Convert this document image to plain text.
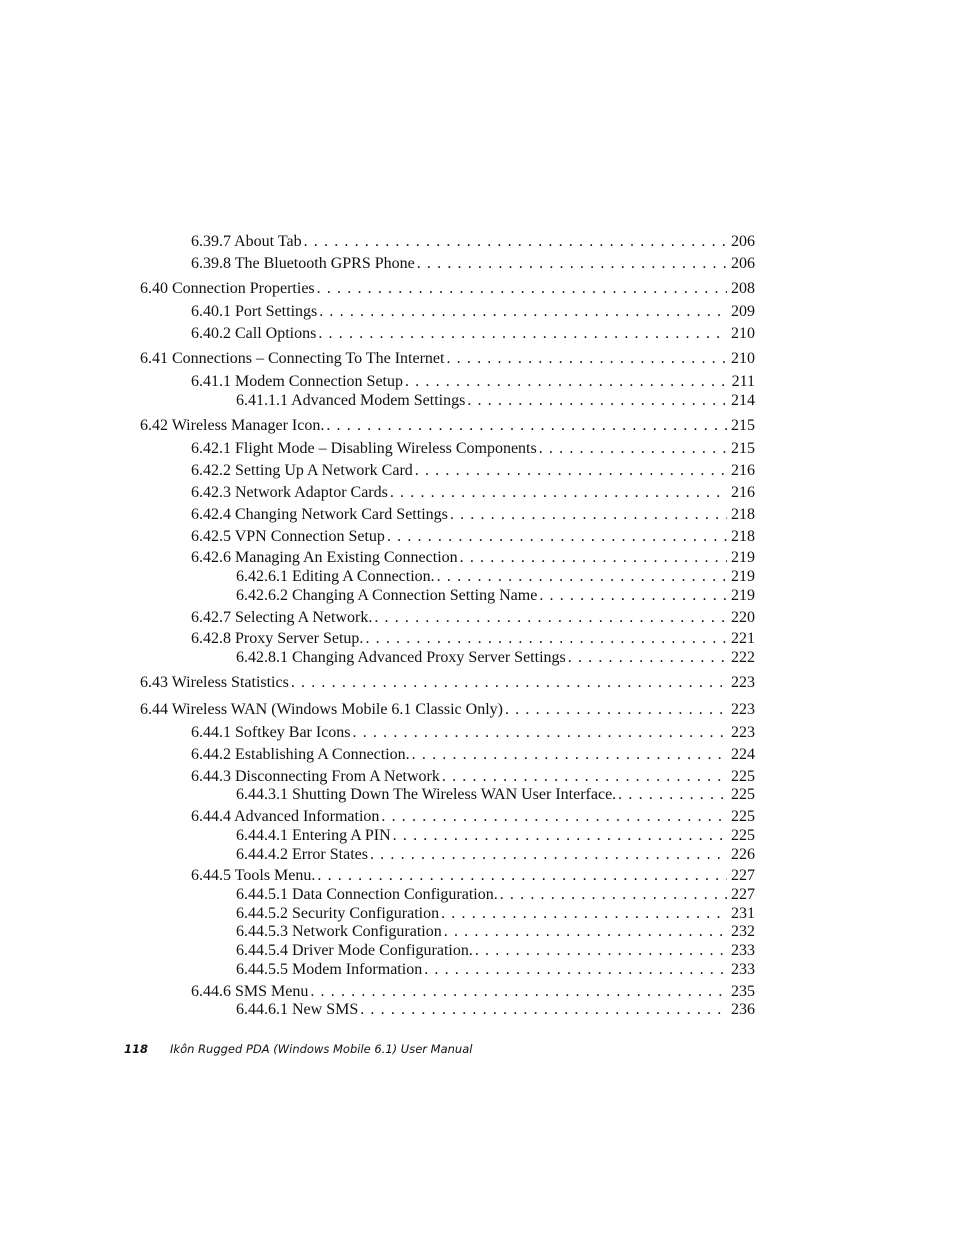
6.39.7 About Tab . . .	206
6.39.8 The Bluetooth GPRS Phone . . .	206
6.40 Connection Properties . . .	208
6.40.1 Port Settings . . .	209
6.40.2 Call Options . . .	210
6.41 Connections – Connecting To The Internet . . .	210
6.41.1 Modem Connection Setup . . .	211
6.41.1.1 Advanced Modem Settings . . .	214
6.42 Wireless Manager Icon. . . .	215
6.42.1 Flight Mode – Disabling Wireless Components . . .	215
6.42.2 Setting Up A Network Card . . .	216
6.42.3 Network Adaptor Cards . . .	216
6.42.4 Changing Network Card Settings . . .	218
6.42.5 VPN Connection Setup . . .	218
6.42.6 Managing An Existing Connection . . .	219
6.42.6.1 Editing A Connection. . . .	219
6.42.6.2 Changing A Connection Setting Name . . .	219
6.42.7 Selecting A Network. . . .	220
6.42.8 Proxy Server Setup. . . .	221
6.42.8.1 Changing Advanced Proxy Server Settings . . .	222
6.43 Wireless Statistics . . .	223
6.44 Wireless WAN (Windows Mobile 6.1 Classic Only) . . .	223
6.44.1 Softkey Bar Icons . . .	223
6.44.2 Establishing A Connection. . . .	224
6.44.3 Disconnecting From A Network . . .	225
6.44.3.1 Shutting Down The Wireless WAN User Interface. . . .	225
6.44.4 Advanced Information . . .	225
6.44.4.1 Entering A PIN . . .	225
6.44.4.2 Error States . . .	226
6.44.5 Tools Menu. . . .	227
6.44.5.1 Data Connection Configuration. . . .	227
6.44.5.2 Security Configuration . . .	231
6.44.5.3 Network Configuration . . .	232
6.44.5.4 Driver Mode Configuration. . . .	233
6.44.5.5 Modem Information . . .	233
6.44.6 SMS Menu . . .	235
6.44.6.1 New SMS . . .	236
118 Ikôn Rugged PDA (Windows Mobile 6.1) User Manual
